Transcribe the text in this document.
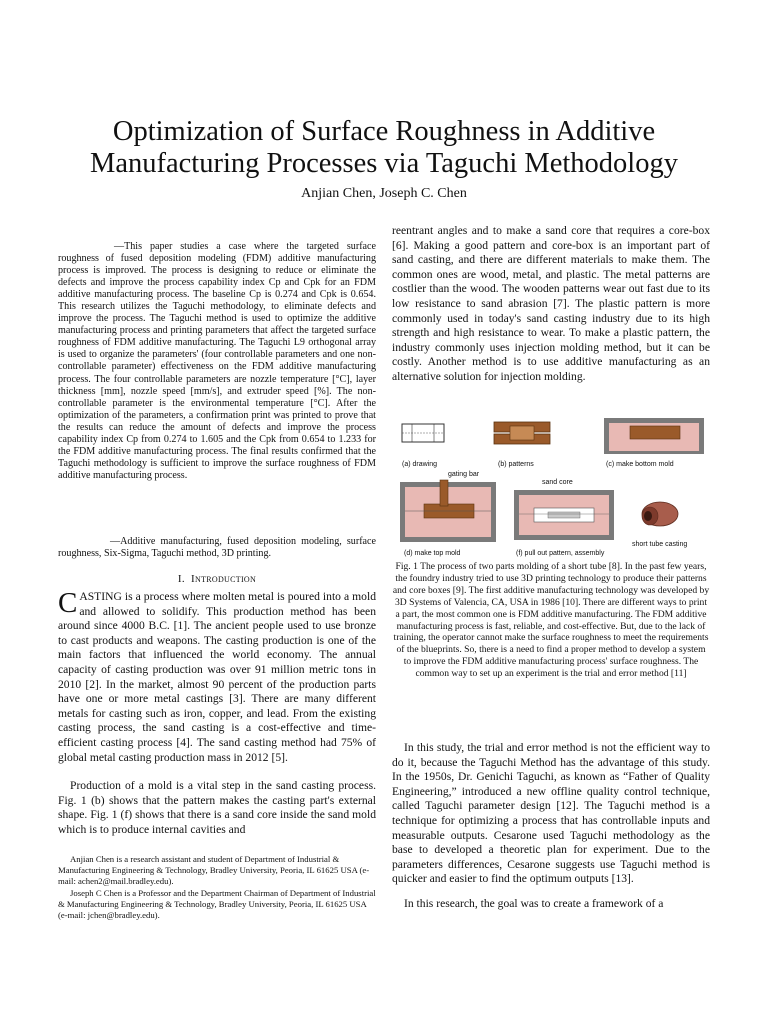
Optimization of Surface Roughness in Additive
Manufacturing Processes via Taguchi Methodology
Anjian Chen, Joseph C. Chen
—This paper studies a case where the targeted surface roughness of fused deposition modeling (FDM) additive manufacturing process is improved. The process is designing to reduce or eliminate the defects and improve the process capability index Cp and Cpk for an FDM additive manufacturing process. The baseline Cp is 0.274 and Cpk is 0.654. This research utilizes the Taguchi methodology, to eliminate defects and improve the process. The Taguchi method is used to optimize the additive manufacturing process and printing parameters that affect the targeted surface roughness of FDM additive manufacturing. The Taguchi L9 orthogonal array is used to organize the parameters' (four controllable parameters and one non-controllable parameter) effectiveness on the FDM additive manufacturing process. The four controllable parameters are nozzle temperature [°C], layer thickness [mm], nozzle speed [mm/s], and extruder speed [%]. The non-controllable parameter is the environmental temperature [°C]. After the optimization of the parameters, a confirmation print was printed to prove that the results can reduce the amount of defects and improve the process capability index Cp from 0.274 to 1.605 and the Cpk from 0.654 to 1.233 for the FDM additive manufacturing process. The final results confirmed that the Taguchi methodology is sufficient to improve the surface roughness of FDM additive manufacturing process.
—Additive manufacturing, fused deposition modeling, surface roughness, Six-Sigma, Taguchi method, 3D printing.
I. Introduction
CASTING is a process where molten metal is poured into a mold and allowed to solidify. This production method has been around since 4000 B.C. [1]. The ancient people used to use bronze to cast products and weapons. The casting production is one of the main factors that influenced the world economy. The annual capacity of casting production was over 91 million metric tons in 2010 [2]. In the market, almost 90 percent of the production parts have one or more metal castings [3]. There are many different metals for casting such as iron, copper, and lead. From the existing casting process, the sand casting is a cost-effective and time-efficient casting process [4]. The sand casting method had 75% of global metal casting production mass in 2012 [5].
Production of a mold is a vital step in the sand casting process. Fig. 1 (b) shows that the pattern makes the casting part's external shape. Fig. 1 (f) shows that there is a sand core inside the sand mold which is to produce internal cavities and

Anjian Chen is a research assistant and student of Department of Industrial & Manufacturing Engineering & Technology, Bradley University, Peoria, IL 61625 USA (e-mail: achen2@mail.bradley.edu).

Joseph C Chen is a Professor and the Department Chairman of Department of Industrial & Manufacturing Engineering & Technology, Bradley University, Peoria, IL 61625 USA (e-mail: jchen@bradley.edu).

reentrant angles and to make a sand core that requires a core-box [6]. Making a good pattern and core-box is an important part of sand casting, and there are different materials to make them. The common ones are wood, metal, and plastic. The metal patterns are costlier than the wood. The wooden patterns wear out fast due to its low resistance to sand abrasion [7]. The plastic pattern is more commonly used in today's sand casting industry due to its high strength and high resistance to wear. To make a plastic pattern, the industry commonly uses injection molding method, but it can be costly. Another method is to use additive manufacturing as an alternative solution for injection molding.
(a) drawing	(b) patterns	(c) make bottom mold
gating bar
(d) make top mold
sand core
(f) pull out pattern, assembly
short tube casting
Fig. 1 The process of two parts molding of a short tube [8]. In the past few years, the foundry industry tried to use 3D printing technology to produce their patterns and core boxes [9]. The first additive manufacturing technology was developed by 3D Systems of Valencia, CA, USA in 1986 [10]. There are different ways to print a part, the most common one is FDM additive manufacturing. The FDM additive manufacturing process is fast, reliable, and cost-effective. But, due to the lack of training, the operator cannot make the surface roughness to meet the requirements of the blueprints. So, there is a need to find a proper method to develop a system to improve the FDM additive manufacturing process' surface roughness. The common way to set up an experiment is the trial and error method [11]
In this study, the trial and error method is not the efficient way to do it, because the Taguchi Method has the advantage of this study. In the 1950s, Dr. Genichi Taguchi, as known as “Father of Quality Engineering,” introduced a new offline quality control technique, called Taguchi parameter design [12]. The Taguchi method is a technique for optimizing a process that has controllable inputs and measurable outputs. Cesarone used Taguchi methodology as the base to developed a theoretic plan for experiment. Due to the parameters differences, Cesarone suggests use Taguchi method is quicker and easier to find the optimum outputs [13].
In this research, the goal was to create a framework of a
